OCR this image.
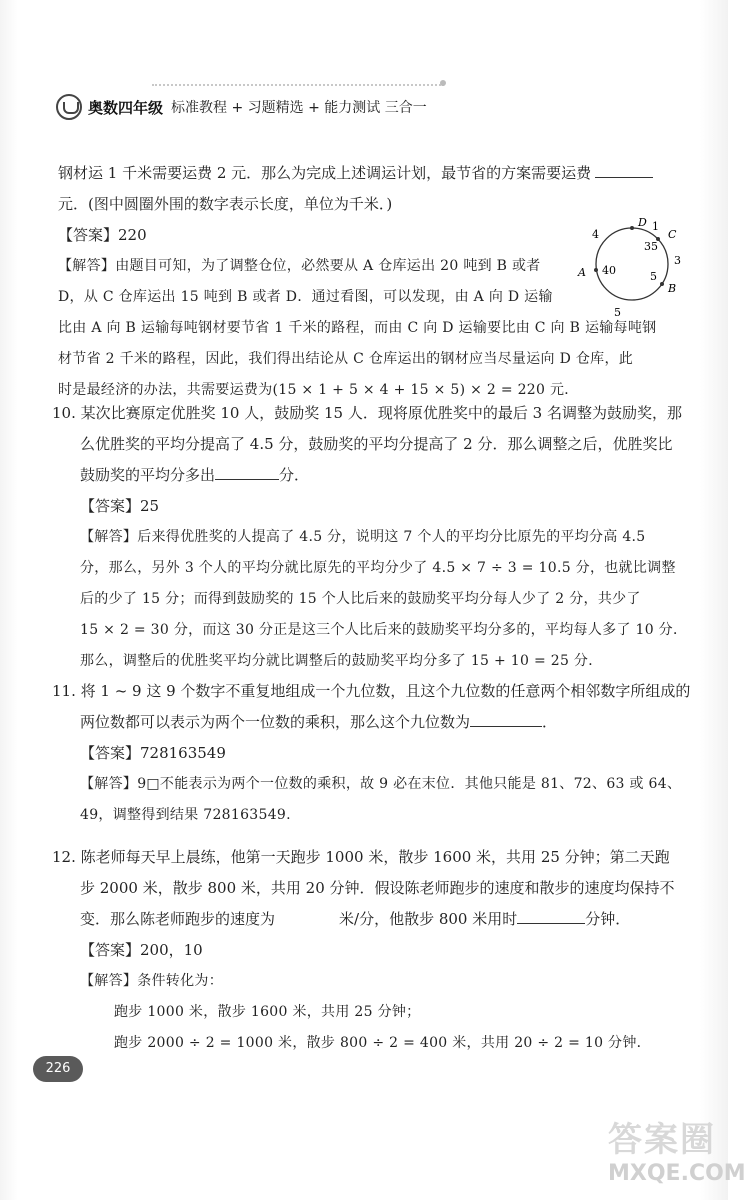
奥数四年级 标准教程 + 习题精选 + 能力测试 三合一
钢材运 1 千米需要运费 2 元．那么为完成上述调运计划，最节省的方案需要运费
元．(图中圆圈外围的数字表示长度，单位为千米．)
【答案】220
【解答】由题目可知，为了调整仓位，必然要从 A 仓库运出 20 吨到 B 或者
D，从 C 仓库运出 15 吨到 B 或者 D．通过看图，可以发现，由 A 向 D 运输
比由 A 向 B 运输每吨钢材要节省 1 千米的路程，而由 C 向 D 运输要比由 C 向 B 运输每吨钢
材节省 2 千米的路程，因此，我们得出结论从 C 仓库运出的钢材应当尽量运向 D 仓库，此
时是最经济的办法，共需要运费为(15 × 1 + 5 × 4 + 15 × 5) × 2 = 220 元．
D
C
B
A
4
1
3
5
35
40	5
10. 某次比赛原定优胜奖 10 人，鼓励奖 15 人．现将原优胜奖中的最后 3 名调整为鼓励奖，那
么优胜奖的平均分提高了 4.5 分，鼓励奖的平均分提高了 2 分．那么调整之后，优胜奖比
鼓励奖的平均分多出	分．
【答案】25
【解答】后来得优胜奖的人提高了 4.5 分，说明这 7 个人的平均分比原先的平均分高 4.5
分，那么，另外 3 个人的平均分就比原先的平均分少了 4.5 × 7 ÷ 3 = 10.5 分，也就比调整
后的少了 15 分；而得到鼓励奖的 15 个人比后来的鼓励奖平均分每人少了 2 分，共少了
15 × 2 = 30 分，而这 30 分正是这三个人比后来的鼓励奖平均分多的，平均每人多了 10 分．
那么，调整后的优胜奖平均分就比调整后的鼓励奖平均分多了 15 + 10 = 25 分．
11. 将 1 ~ 9 这 9 个数字不重复地组成一个九位数，且这个九位数的任意两个相邻数字所组成的
两位数都可以表示为两个一位数的乘积，那么这个九位数为	．
【答案】728163549
【解答】9□不能表示为两个一位数的乘积，故 9 必在末位．其他只能是 81、72、63 或 64、
49，调整得到结果 728163549.
12. 陈老师每天早上晨练，他第一天跑步 1000 米，散步 1600 米，共用 25 分钟；第二天跑
步 2000 米，散步 800 米，共用 20 分钟．假设陈老师跑步的速度和散步的速度均保持不
变．那么陈老师跑步的速度为	米/分，他散步 800 米用时	分钟．
【答案】200，10
【解答】条件转化为：
跑步 1000 米，散步 1600 米，共用 25 分钟；
跑步 2000 ÷ 2 = 1000 米，散步 800 ÷ 2 = 400 米，共用 20 ÷ 2 = 10 分钟．
226
答案圈
MXQE.COM
